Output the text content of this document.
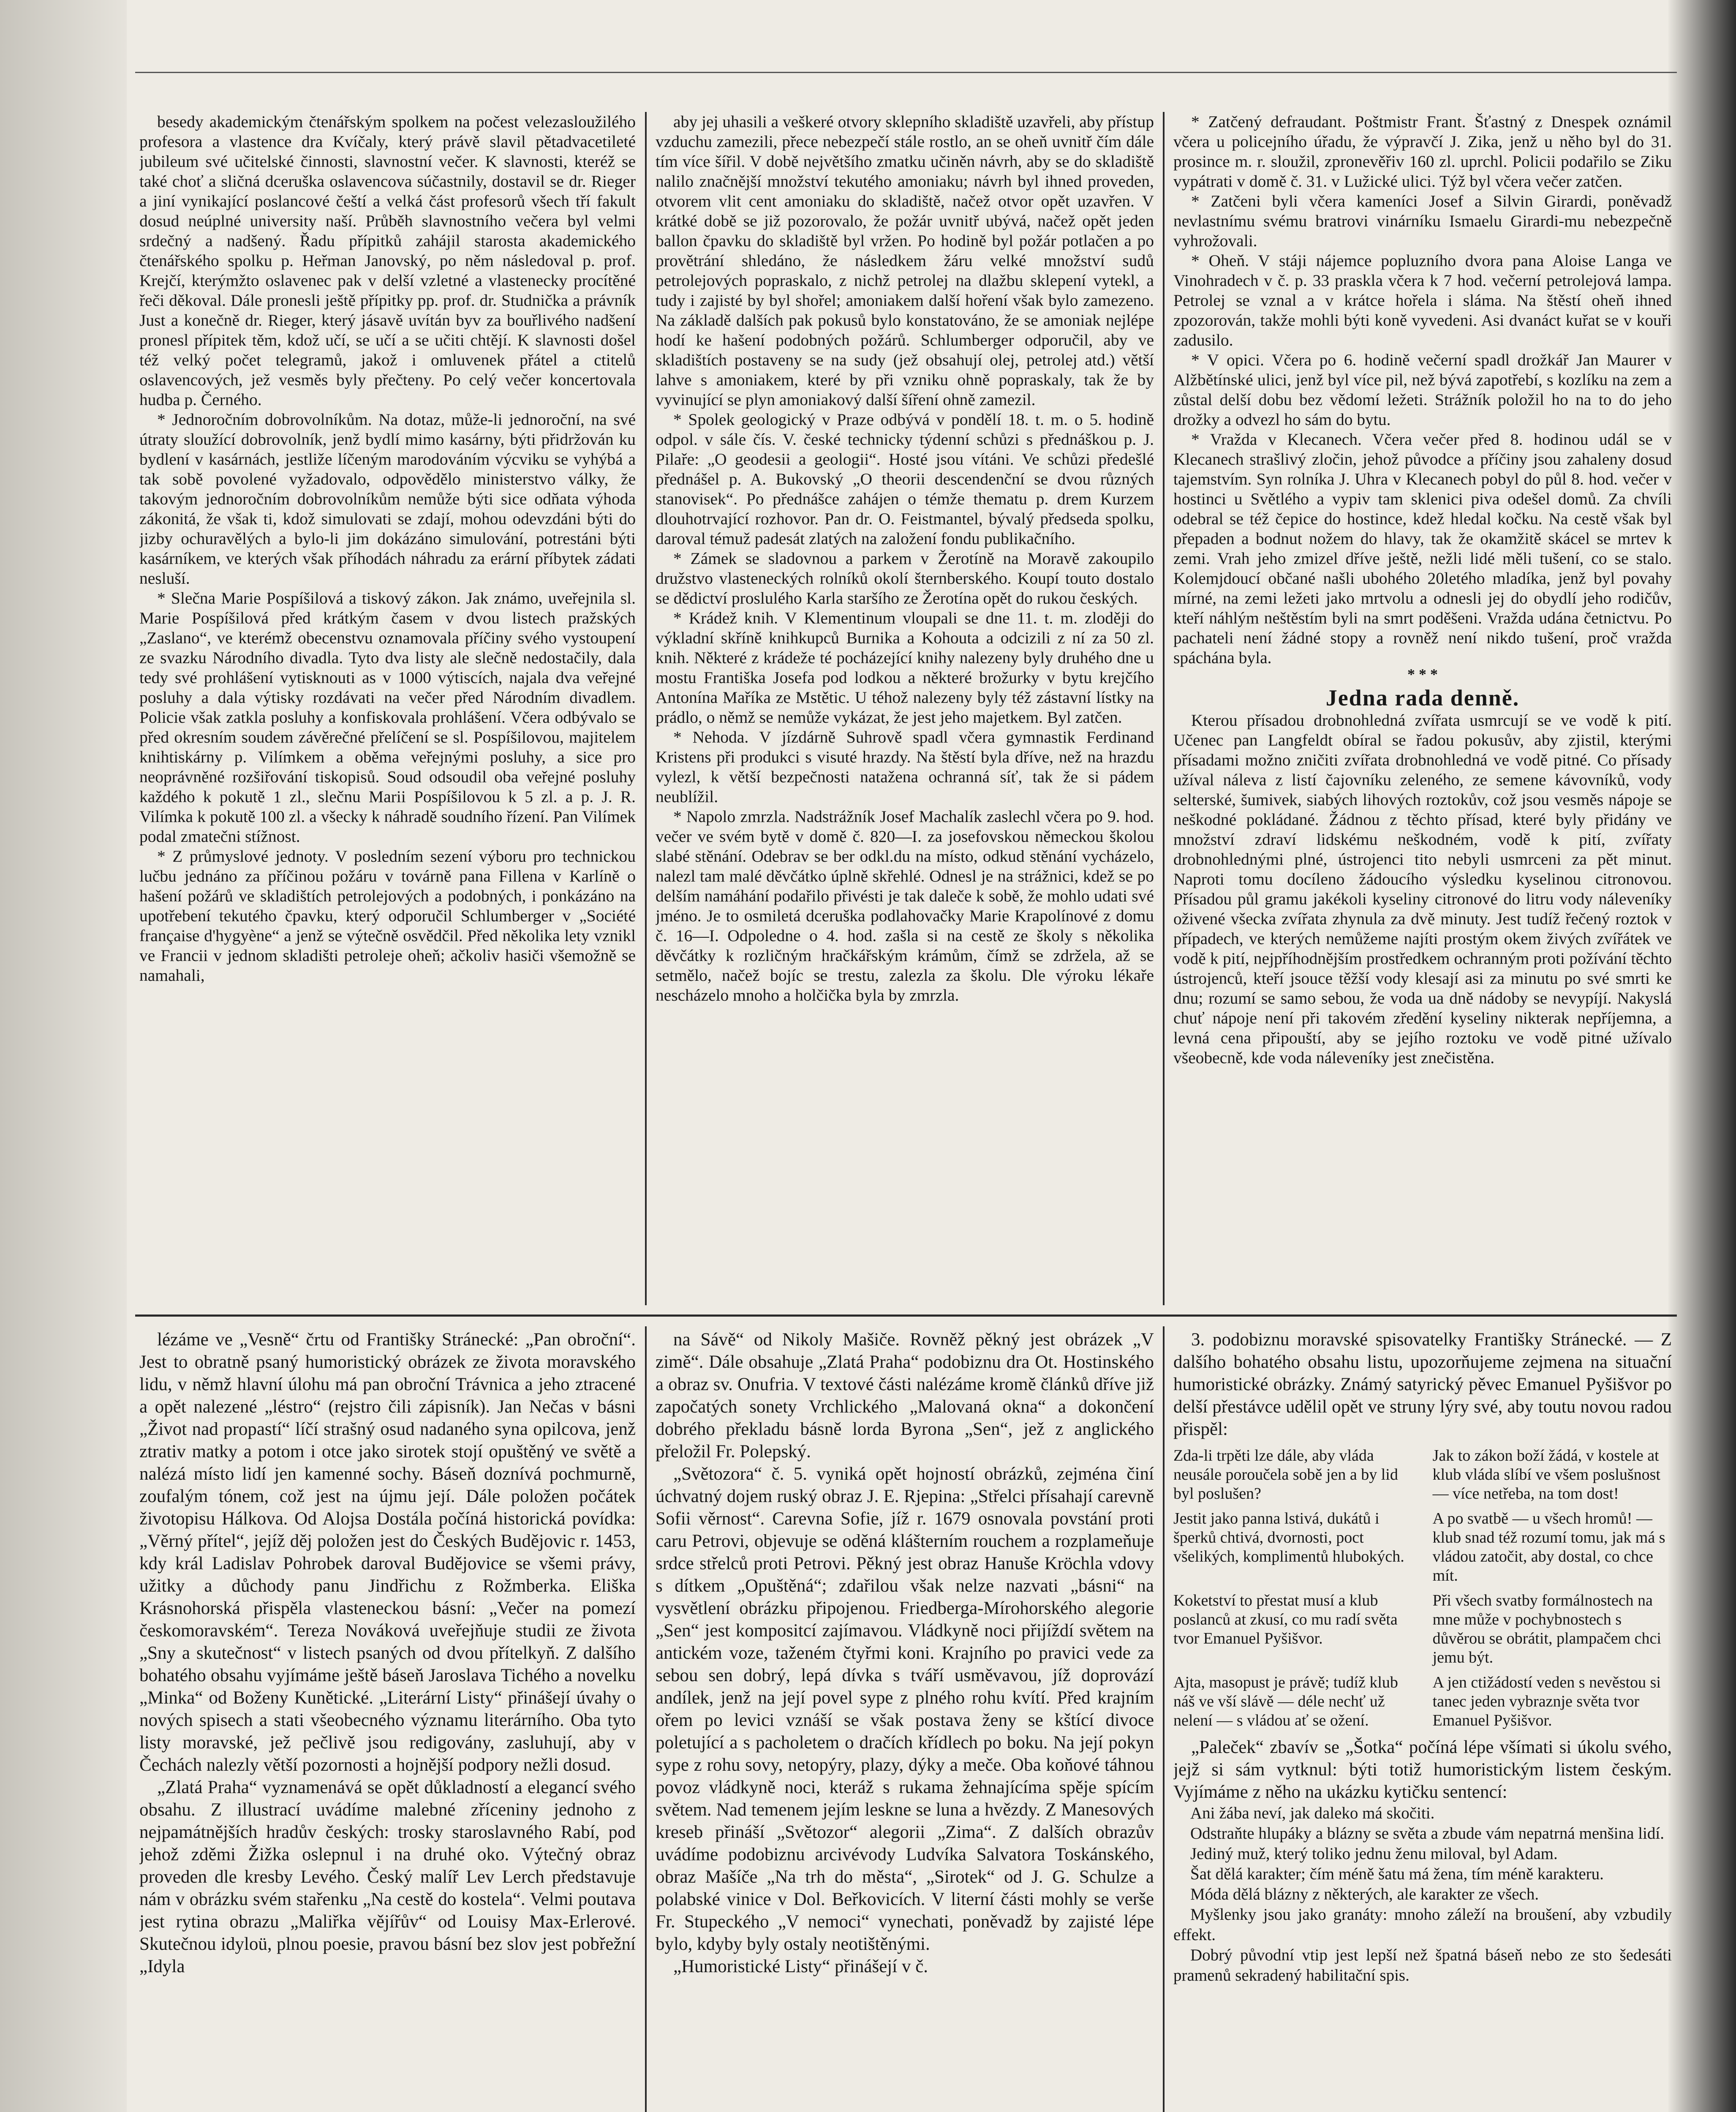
besedy akademickým čtenářským spolkem na počest velezasloužilého profesora a vlastence dra Kvíčaly, který právě slavil pětadvacetileté jubileum své učitelské činnosti, slavnostní večer. K slavnosti, kteréž se také choť a sličná dceruška oslavencova súčastnily, dostavil se dr. Rieger a jiní vynikající poslancové čeští a velká část profesorů všech tří fakult dosud neúplné university naší. Průběh slavnostního večera byl velmi srdečný a nadšený. Řadu přípitků zahájil starosta akademického čtenářského spolku p. Heřman Janovský, po něm následoval p. prof. Krejčí, kterýmžto oslavenec pak v delší vzletné a vlastenecky procítěné řeči děkoval. Dále pronesli ještě přípitky pp. prof. dr. Studnička a právník Just a konečně dr. Rieger, který jásavě uvítán byv za bouřlivého nadšení pronesl přípitek těm, kdož učí, se učí a se učiti chtějí. K slavnosti došel též velký počet telegramů, jakož i omluvenek přátel a ctitelů oslavencových, jež vesměs byly přečteny. Po celý večer koncertovala hudba p. Černého.

* Jednoročním dobrovolníkům. Na dotaz, může-li jednoroční, na své útraty sloužící dobrovolník, jenž bydlí mimo kasárny, býti přidržován ku bydlení v kasárnách, jestliže líčeným marodováním výcviku se vyhýbá a tak sobě povolené vyžadovalo, odpovědělo ministerstvo války, že takovým jednoročním dobrovolníkům nemůže býti sice odňata výhoda zákonitá, že však ti, kdož simulovati se zdají, mohou odevzdáni býti do jizby ochuravělých a bylo-li jim dokázáno simulování, potrestáni býti kasárníkem, ve kterých však příhodách náhradu za erární příbytek zádati nesluší.

* Slečna Marie Pospíšilová a tiskový zákon. Jak známo, uveřejnila sl. Marie Pospíšilová před krátkým časem v dvou listech pražských „Zaslano“, ve kterémž obecenstvu oznamovala příčiny svého vystoupení ze svazku Národního divadla. Tyto dva listy ale slečně nedostačily, dala tedy své prohlášení vytisknouti as v 1000 výtiscích, najala dva veřejné posluhy a dala výtisky rozdávati na večer před Národním divadlem. Policie však zatkla posluhy a konfiskovala prohlášení. Včera odbývalo se před okresním soudem závěrečné přelíčení se sl. Pospíšilovou, majitelem knihtiskárny p. Vilímkem a oběma veřejnými posluhy, a sice pro neoprávněné rozšiřování tiskopisů. Soud odsoudil oba veřejné posluhy každého k pokutě 1 zl., slečnu Marii Pospíšilovou k 5 zl. a p. J. R. Vilímka k pokutě 100 zl. a všecky k náhradě soudního řízení. Pan Vilímek podal zmatečni stížnost.

* Z průmyslové jednoty. V posledním sezení výboru pro technickou lučbu jednáno za příčinou požáru v továrně pana Fillena v Karlíně o hašení požárů ve skladištích petrolejových a podobných, i ponkázáno na upotřebení tekutého čpavku, který odporučil Schlumberger v „Société française d'hygyène“ a jenž se výtečně osvědčil. Před několika lety vznikl ve Francii v jednom skladišti petroleje oheň; ačkoliv hasiči všemožně se namahali,

aby jej uhasili a veškeré otvory sklepního skladiště uzavřeli, aby přístup vzduchu zamezili, přece nebezpečí stále rostlo, an se oheň uvnitř čím dále tím více šířil. V době největšího zmatku učiněn návrh, aby se do skladiště nalilo značnější množství tekutého amoniaku; návrh byl ihned proveden, otvorem vlit cent amoniaku do skladiště, načež otvor opět uzavřen. V krátké době se již pozorovalo, že požár uvnitř ubývá, načež opět jeden ballon čpavku do skladiště byl vržen. Po hodině byl požár potlačen a po provětrání shledáno, že následkem žáru velké množství sudů petrolejových popraskalo, z nichž petrolej na dlažbu sklepení vytekl, a tudy i zajisté by byl shořel; amoniakem další hoření však bylo zamezeno. Na základě dalších pak pokusů bylo konstatováno, že se amoniak nejlépe hodí ke hašení podobných požárů. Schlumberger odporučil, aby ve skladištích postaveny se na sudy (jež obsahují olej, petrolej atd.) větší lahve s amoniakem, které by při vzniku ohně popraskaly, tak že by vyvinující se plyn amoniakový další šíření ohně zamezil.

* Spolek geologický v Praze odbývá v pondělí 18. t. m. o 5. hodině odpol. v sále čís. V. české technicky týdenní schůzi s přednáškou p. J. Pilaře: „O geodesii a geologii“. Hosté jsou vítáni. Ve schůzi předešlé přednášel p. A. Bukovský „O theorii descendenční se dvou různých stanovisek“. Po přednášce zahájen o témže thematu p. drem Kurzem dlouhotrvající rozhovor. Pan dr. O. Feistmantel, bývalý předseda spolku, daroval témuž padesát zlatých na založení fondu publikačního.

* Zámek se sladovnou a parkem v Žerotíně na Moravě zakoupilo družstvo vlasteneckých rolníků okolí šternberského. Koupí touto dostalo se dědictví proslulého Karla staršího ze Žerotína opět do rukou českých.

* Krádež knih. V Klementinum vloupali se dne 11. t. m. zloději do výkladní skříně knihkupců Burnika a Kohouta a odcizili z ní za 50 zl. knih. Některé z krádeže té pocházející knihy nalezeny byly druhého dne u mostu Františka Josefa pod lodkou a některé brožurky v bytu krejčího Antonína Maříka ze Mstětic. U téhož nalezeny byly též zástavní lístky na prádlo, o němž se nemůže vykázat, že jest jeho majetkem. Byl zatčen.

* Nehoda. V jízdárně Suhrově spadl včera gymnastik Ferdinand Kristens při produkci s visuté hrazdy. Na štěstí byla dříve, než na hrazdu vylezl, k větší bezpečnosti natažena ochranná síť, tak že si pádem neublížil.

* Napolo zmrzla. Nadstrážník Josef Machalík zaslechl včera po 9. hod. večer ve svém bytě v domě č. 820—I. za josefovskou německou školou slabé stěnání. Odebrav se ber odkl.du na místo, odkud stěnání vycházelo, nalezl tam malé děvčátko úplně skřehlé. Odnesl je na strážnici, kdež se po delším namáhání podařilo přivésti je tak daleče k sobě, že mohlo udati své jméno. Je to osmiletá dceruška podlahovačky Marie Krapolínové z domu č. 16—I. Odpoledne o 4. hod. zašla si na cestě ze školy s několika děvčátky k rozličným hračkářským krámům, čímž se zdržela, až se setmělo, načež bojíc se trestu, zalezla za školu. Dle výroku lékaře nescházelo mnoho a holčička byla by zmrzla.

* Zatčený defraudant. Poštmistr Frant. Šťastný z Dnespek oznámil včera u policejního úřadu, že výpravčí J. Zika, jenž u něho byl do 31. prosince m. r. sloužil, zpronevěřiv 160 zl. uprchl. Policii podařilo se Ziku vypátrati v domě č. 31. v Lužické ulici. Týž byl včera večer zatčen.

* Zatčeni byli včera kameníci Josef a Silvin Girardi, poněvadž nevlastnímu svému bratrovi vinárníku Ismaelu Girardi-mu nebezpečně vyhrožovali.

* Oheň. V stáji nájemce popluzního dvora pana Aloise Langa ve Vinohradech v č. p. 33 praskla včera k 7 hod. večerní petrolejová lampa. Petrolej se vznal a v krátce hořela i sláma. Na štěstí oheň ihned zpozorován, takže mohli býti koně vyvedeni. Asi dvanáct kuřat se v kouři zadusilo.

* V opici. Včera po 6. hodině večerní spadl drožkář Jan Maurer v Alžbětínské ulici, jenž byl více pil, než bývá zapotřebí, s kozlíku na zem a zůstal delší dobu bez vědomí ležeti. Strážník položil ho na to do jeho drožky a odvezl ho sám do bytu.

* Vražda v Klecanech. Včera večer před 8. hodinou udál se v Klecanech strašlivý zločin, jehož původce a příčiny jsou zahaleny dosud tajemstvím. Syn rolníka J. Uhra v Klecanech pobyl do půl 8. hod. večer v hostinci u Světlého a vypiv tam sklenici piva odešel domů. Za chvíli odebral se též čepice do hostince, kdež hledal kočku. Na cestě však byl přepaden a bodnut nožem do hlavy, tak že okamžitě skácel se mrtev k zemi. Vrah jeho zmizel dříve ještě, nežli lidé měli tušení, co se stalo. Kolemjdoucí občané našli ubohého 20letého mladíka, jenž byl povahy mírné, na zemi ležeti jako mrtvolu a odnesli jej do obydlí jeho rodičův, kteří náhlým neštěstím byli na smrt poděšeni. Vražda udána četnictvu. Po pachateli není žádné stopy a rovněž není nikdo tušení, proč vražda spáchána byla.

* * *

Jedna rada denně.

Kterou přísadou drobnohledná zvířata usmrcují se ve vodě k pití. Učenec pan Langfeldt obíral se řadou pokusův, aby zjistil, kterými přísadami možno zničiti zvířata drobnohledná ve vodě pitné. Co přísady užíval náleva z listí čajovníku zeleného, ze semene kávovníků, vody selterské, šumivek, siabých lihových roztokův, což jsou vesměs nápoje se neškodné pokládané. Žádnou z těchto přísad, které byly přidány ve množství zdraví lidskému neškodném, vodě k pití, zvířaty drobnohlednými plné, ústrojenci tito nebyli usmrceni za pět minut. Naproti tomu docíleno žádoucího výsledku kyselinou citronovou. Přísadou půl gramu jakékoli kyseliny citronové do litru vody náleveníky oživené všecka zvířata zhynula za dvě minuty. Jest tudíž řečený roztok v případech, ve kterých nemůžeme najíti prostým okem živých zvířátek ve vodě k pití, nejpříhodnějším prostředkem ochranným proti požívání těchto ústrojenců, kteří jsouce těžší vody klesají asi za minutu po své smrti ke dnu; rozumí se samo sebou, že voda ua dně nádoby se nevypíjí. Nakyslá chuť nápoje není při takovém zředění kyseliny nikterak nepříjemna, a levná cena připouští, aby se jejího roztoku ve vodě pitné užívalo všeobecně, kde voda náleveníky jest znečistěna.

lézáme ve „Vesně“ črtu od Františky Stránecké: „Pan obroční“. Jest to obratně psaný humoristický obrázek ze života moravského lidu, v němž hlavní úlohu má pan obroční Trávnica a jeho ztracené a opět nalezené „léstro“ (rejstro čili zápisník). Jan Nečas v básni „Život nad propastí“ líčí strašný osud nadaného syna opilcova, jenž ztrativ matky a potom i otce jako sirotek stojí opuštěný ve světě a nalézá místo lidí jen kamenné sochy. Báseň doznívá pochmurně, zoufalým tónem, což jest na újmu její. Dále položen počátek životopisu Hálkova. Od Alojsa Dostála počíná historická povídka: „Věrný přítel“, jejíž děj položen jest do Českých Budějovic r. 1453, kdy král Ladislav Pohrobek daroval Budějovice se všemi právy, užitky a důchody panu Jindřichu z Rožmberka. Eliška Krásnohorská přispěla vlasteneckou básní: „Večer na pomezí českomoravském“. Tereza Nováková uveřejňuje studii ze života „Sny a skutečnost“ v listech psaných od dvou přítelkyň. Z dalšího bohatého obsahu vyjímáme ještě báseň Jaroslava Tichého a novelku „Minka“ od Boženy Kunětické. „Literární Listy“ přinášejí úvahy o nových spisech a stati všeobecného významu literárního. Oba tyto listy moravské, jež pečlivě jsou redigovány, zasluhují, aby v Čechách nalezly větší pozornosti a hojnější podpory nežli dosud.

„Zlatá Praha“ vyznamenává se opět důkladností a elegancí svého obsahu. Z illustrací uvádíme malebné zříceniny jednoho z nejpamátnějších hradův českých: trosky staroslavného Rabí, pod jehož zděmi Žižka oslepnul i na druhé oko. Výtečný obraz proveden dle kresby Levého. Český malíř Lev Lerch představuje nám v obrázku svém stařenku „Na cestě do kostela“. Velmi poutava jest rytina obrazu „Maliřka vějířův“ od Louisy Max-Erlerové. Skutečnou idyloü, plnou poesie, pravou básní bez slov jest pobřežní „Idyla

na Sávě“ od Nikoly Mašiče. Rovněž pěkný jest obrázek „V zimě“. Dále obsahuje „Zlatá Praha“ podobiznu dra Ot. Hostinského a obraz sv. Onufria. V textové části nalézáme kromě článků dříve již započatých sonety Vrchlického „Malovaná okna“ a dokončení dobrého překladu básně lorda Byrona „Sen“, jež z anglického přeložil Fr. Polepský.

„Světozora“ č. 5. vyniká opět hojností obrázků, zejména činí úchvatný dojem ruský obraz J. E. Rjepina: „Střelci přísahají carevně Sofii věrnost“. Carevna Sofie, jíž r. 1679 osnovala povstání proti caru Petrovi, objevuje se oděná klášterním rouchem a rozplameňuje srdce střelců proti Petrovi. Pěkný jest obraz Hanuše Kröchla vdovy s dítkem „Opuštěná“; zdařilou však nelze nazvati „básni“ na vysvětlení obrázku připojenou. Friedberga-Mírohorského alegorie „Sen“ jest kompositcí zajímavou. Vládkyně noci přijíždí světem na antickém voze, taženém čtyřmi koni. Krajního po pravici vede za sebou sen dobrý, lepá dívka s tváří usměvavou, jíž doprovází andílek, jenž na její povel sype z plného rohu kvítí. Před krajním ořem po levici vznáší se však postava ženy se kštící divoce poletující a s pacholetem o dračích křídlech po boku. Na její pokyn sype z rohu sovy, netopýry, plazy, dýky a meče. Oba koňové táhnou povoz vládkyně noci, kteráž s rukama žehnajícíma spěje spícím světem. Nad temenem jejím leskne se luna a hvězdy. Z Manesových kreseb přináší „Světozor“ alegorii „Zima“. Z dalších obrazův uvádíme podobiznu arcivévody Ludvíka Salvatora Toskánského, obraz Mašíče „Na trh do města“, „Sirotek“ od J. G. Schulze a polabské vinice v Dol. Beřkovicích. V literní části mohly se verše Fr. Stupeckého „V nemoci“ vynechati, poněvadž by zajisté lépe bylo, kdyby byly ostaly neotištěnými.

„Humoristické Listy“ přinášejí v č.

3. podobiznu moravské spisovatelky Františky Stránecké. — Z dalšího bohatého obsahu listu, upozorňujeme zejmena na situační humoristické obrázky. Známý satyrický pěvec Emanuel Pyšišvor po delší přestávce udělil opět ve struny lýry své, aby toutu novou radou přispěl:

Zda-li trpěti lze dále, aby vláda neusále poroučela sobě jen a by lid byl poslušen?
Jak to zákon boží žádá, v kostele at klub vláda slíbí ve všem poslušnost — více netřeba, na tom dost!
Jestit jako panna lstivá, dukátů i šperků chtivá, dvornosti, poct všelikých, komplimentů hlubokých.
A po svatbě — u všech hromů! — klub snad též rozumí tomu, jak má s vládou zatočit, aby dostal, co chce mít.
Koketství to přestat musí a klub poslanců at zkusí, co mu radí světa tvor Emanuel Pyšišvor.
Při všech svatby formálnostech na mne může v pochybnostech s důvěrou se obrátit, plampačem chci jemu být.
Ajta, masopust je právě; tudíž klub náš ve vší slávě — déle nechť už nelení — s vládou ať se ožení.
A jen ctižádostí veden s nevěstou si tanec jeden vybraznje světa tvor Emanuel Pyšišvor.

„Paleček“ zbavív se „Šotka“ počíná lépe všímati si úkolu svého, jejž si sám vytknul: býti totiž humoristickým listem českým. Vyjímáme z něho na ukázku kytičku sentencí:

Ani žába neví, jak daleko má skočiti.

Odstraňte hlupáky a blázny se světa a zbude vám nepatrná menšina lidí.

Jediný muž, který toliko jednu ženu miloval, byl Adam.

Šat dělá karakter; čím méně šatu má žena, tím méně karakteru.

Móda dělá blázny z některých, ale karakter ze všech.

Myšlenky jsou jako granáty: mnoho záleží na broušení, aby vzbudily effekt.

Dobrý původní vtip jest lepší než špatná báseň nebo ze sto šedesáti pramenů sekradený habilitační spis.
